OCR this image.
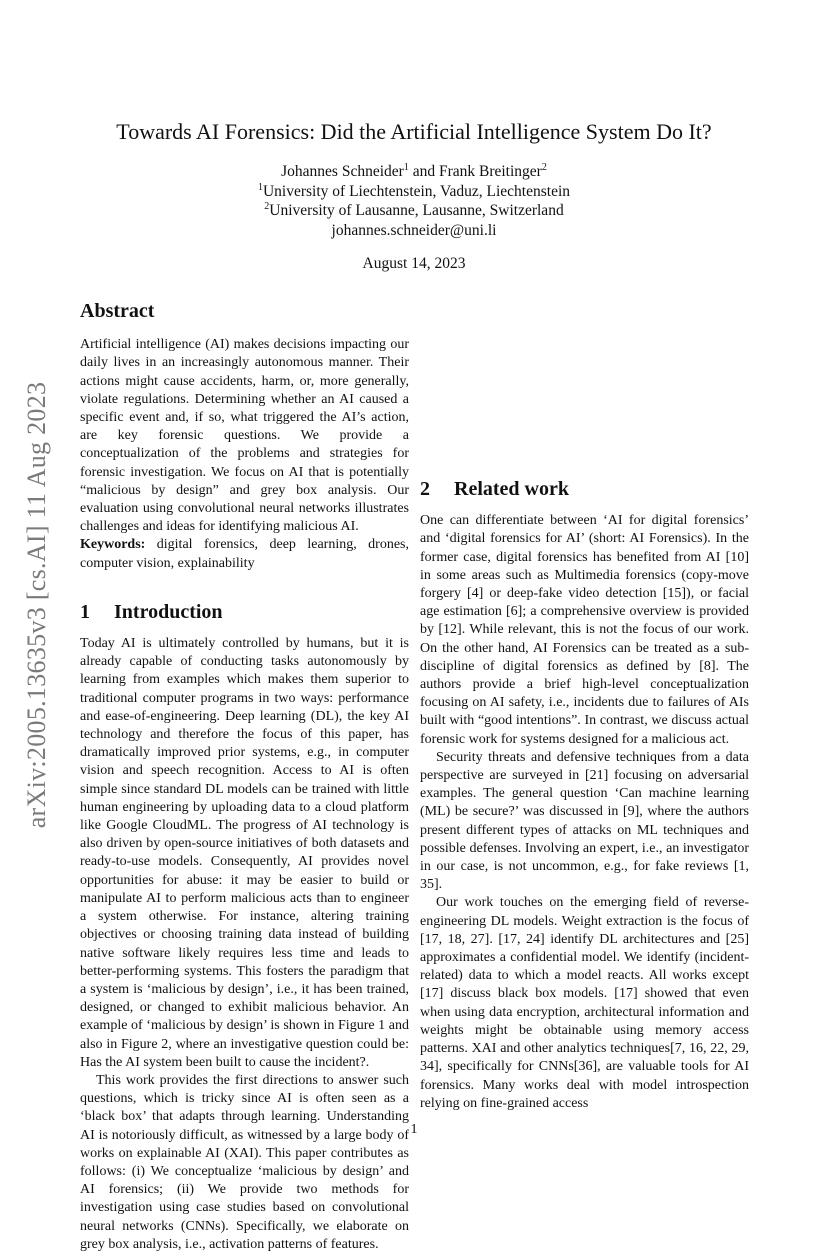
arXiv:2005.13635v3 [cs.AI] 11 Aug 2023
Towards AI Forensics: Did the Artificial Intelligence System Do It?
Johannes Schneider$^1$ and Frank Breitinger$^2$
$^1$University of Liechtenstein, Vaduz, Liechtenstein
$^2$University of Lausanne, Lausanne, Switzerland
johannes.schneider@uni.li
August 14, 2023
Abstract

Artificial intelligence (AI) makes decisions impacting our daily lives in an increasingly autonomous manner. Their actions might cause accidents, harm, or, more generally, violate regulations. Determining whether an AI caused a specific event and, if so, what triggered the AI’s action, are key forensic questions. We provide a conceptualization of the problems and strategies for forensic investigation. We focus on AI that is potentially “malicious by design” and grey box analysis. Our evaluation using convolutional neural networks illustrates challenges and ideas for identifying malicious AI.

Keywords: digital forensics, deep learning, drones, computer vision, explainability

1 Introduction

Today AI is ultimately controlled by humans, but it is already capable of conducting tasks autonomously by learning from examples which makes them superior to traditional computer programs in two ways: performance and ease-of-engineering. Deep learning (DL), the key AI technology and therefore the focus of this paper, has dramatically improved prior systems, e.g., in computer vision and speech recognition. Access to AI is often simple since standard DL models can be trained with little human engineering by uploading data to a cloud platform like Google CloudML. The progress of AI technology is also driven by open-source initiatives of both datasets and ready-to-use models. Consequently, AI provides novel opportunities for abuse: it may be easier to build or manipulate AI to perform malicious acts than to engineer a system otherwise. For instance, altering training objectives or choosing training data instead of building native software likely requires less time and leads to better-performing systems. This fosters the paradigm that a system is ‘malicious by design’, i.e., it has been trained, designed, or changed to exhibit malicious behavior. An example of ‘malicious by design’ is shown in Figure 1 and also in Figure 2, where an investigative question could be: Has the AI system been built to cause the incident?.

This work provides the first directions to answer such questions, which is tricky since AI is often seen as a ‘black box’ that adapts through learning. Understanding AI is notoriously difficult, as witnessed by a large body of works on explainable AI (XAI). This paper contributes as follows: (i) We conceptualize ‘malicious by design’ and AI forensics; (ii) We provide two methods for investigation using case studies based on convolutional neural networks (CNNs). Specifically, we elaborate on grey box analysis, i.e., activation patterns of features.

2 Related work

One can differentiate between ‘AI for digital forensics’ and ‘digital forensics for AI’ (short: AI Forensics). In the former case, digital forensics has benefited from AI [10] in some areas such as Multimedia forensics (copy-move forgery [4] or deep-fake video detection [15]), or facial age estimation [6]; a comprehensive overview is provided by [12]. While relevant, this is not the focus of our work. On the other hand, AI Forensics can be treated as a sub-discipline of digital forensics as defined by [8]. The authors provide a brief high-level conceptualization focusing on AI safety, i.e., incidents due to failures of AIs built with “good intentions”. In contrast, we discuss actual forensic work for systems designed for a malicious act.

Security threats and defensive techniques from a data perspective are surveyed in [21] focusing on adversarial examples. The general question ‘Can machine learning (ML) be secure?’ was discussed in [9], where the authors present different types of attacks on ML techniques and possible defenses. Involving an expert, i.e., an investigator in our case, is not uncommon, e.g., for fake reviews [1, 35].

Our work touches on the emerging field of reverse-engineering DL models. Weight extraction is the focus of [17, 18, 27]. [17, 24] identify DL architectures and [25] approximates a confidential model. We identify (incident-related) data to which a model reacts. All works except [17] discuss black box models. [17] showed that even when using data encryption, architectural information and weights might be obtainable using memory access patterns. XAI and other analytics techniques[7, 16, 22, 29, 34], specifically for CNNs[36], are valuable tools for AI forensics. Many works deal with model introspection relying on fine-grained access

1
